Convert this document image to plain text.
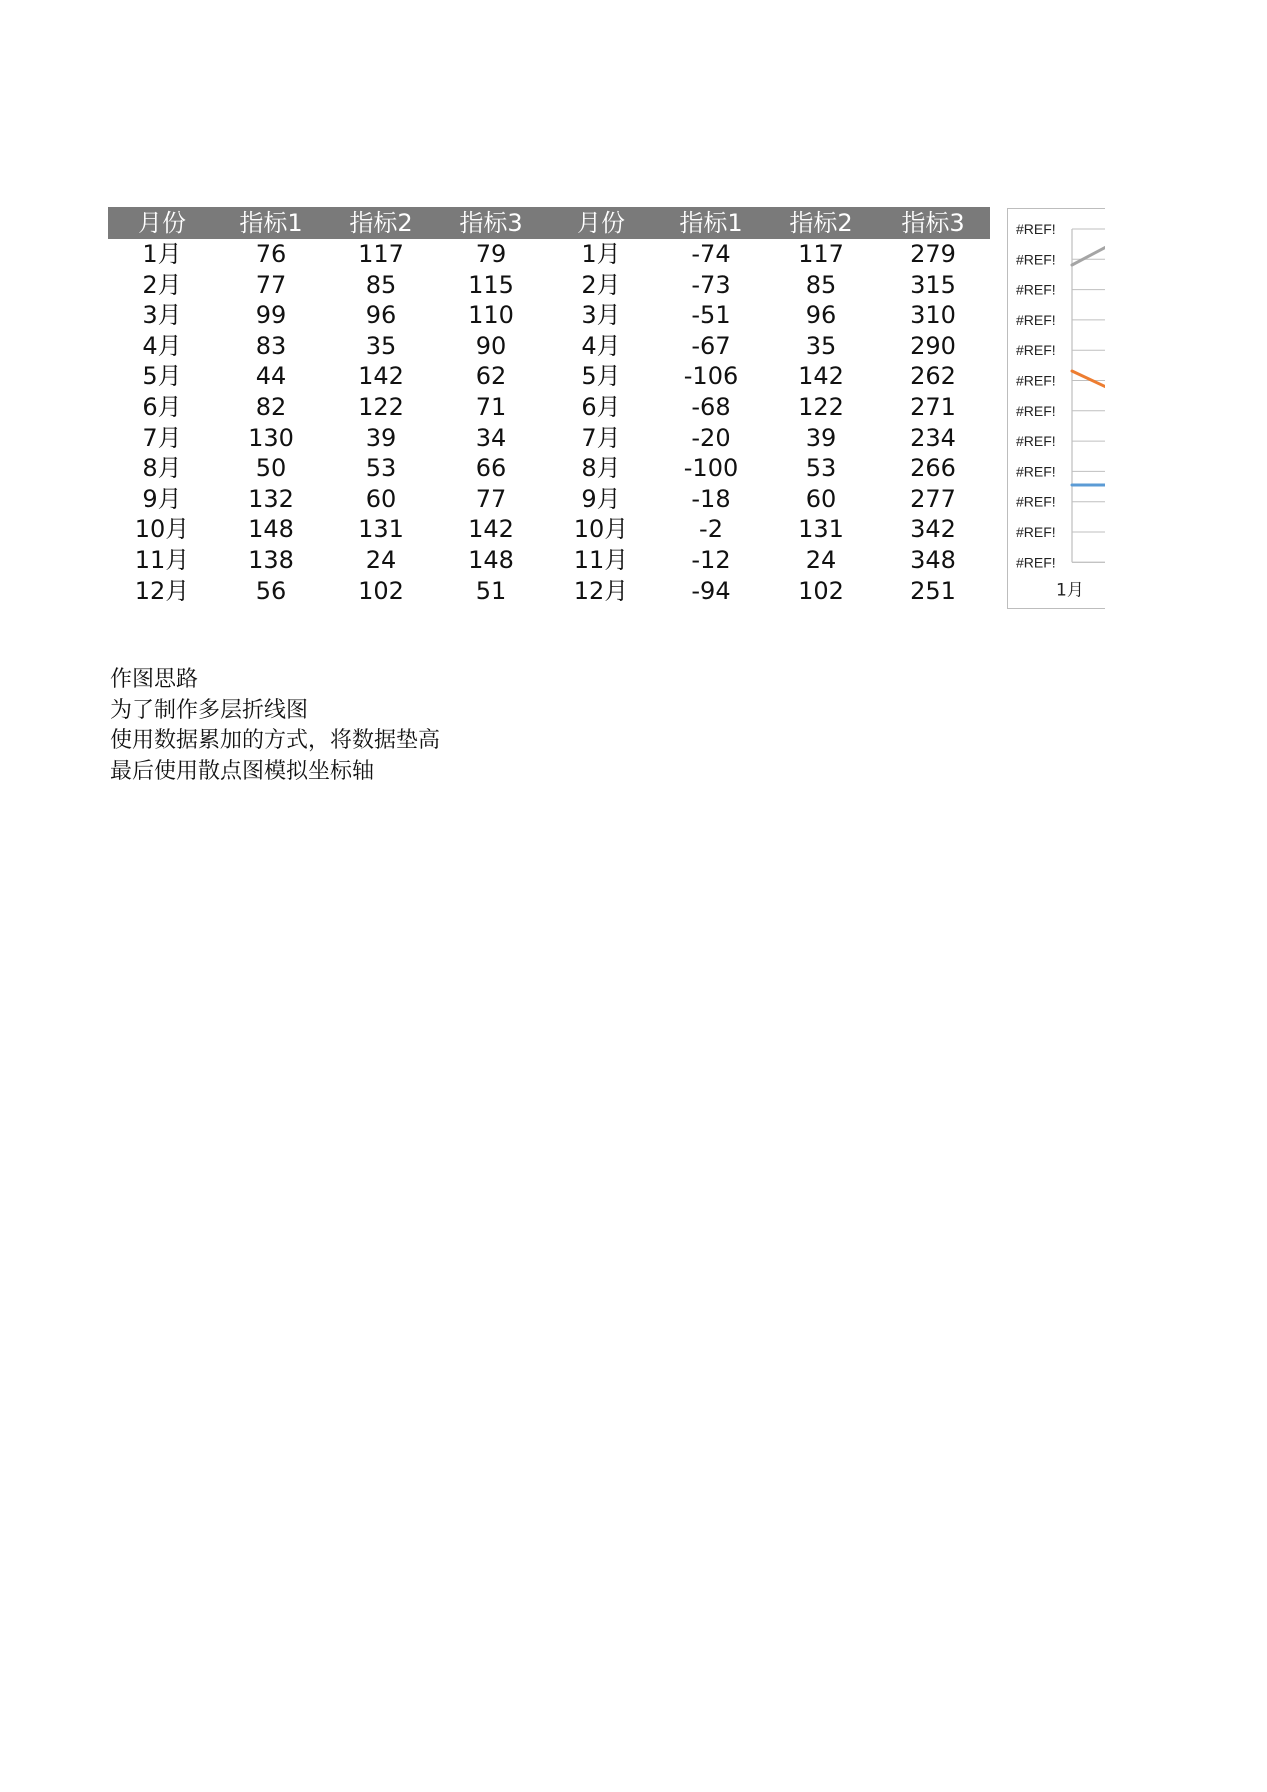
月份	指标1	指标2	指标3	月份	指标1	指标2	指标3
1月	76	117	79	1月	-74	117	279
2月	77	85	115	2月	-73	85	315
3月	99	96	110	3月	-51	96	310
4月	83	35	90	4月	-67	35	290
5月	44	142	62	5月	-106	142	262
6月	82	122	71	6月	-68	122	271
7月	130	39	34	7月	-20	39	234
8月	50	53	66	8月	-100	53	266
9月	132	60	77	9月	-18	60	277
10月	148	131	142	10月	-2	131	342
11月	138	24	148	11月	-12	24	348
12月	56	102	51	12月	-94	102	251
#REF!
#REF!
#REF!
#REF!
#REF!
#REF!
#REF!
#REF!
#REF!
#REF!
#REF!
#REF!
1月
作图思路
为了制作多层折线图
使用数据累加的方式，将数据垫高
最后使用散点图模拟坐标轴
